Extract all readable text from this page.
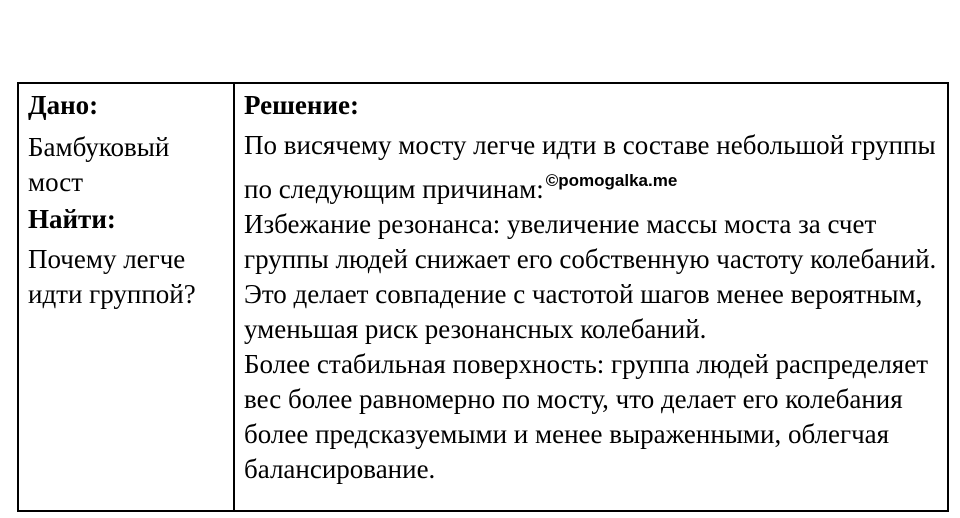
Дано:

Бамбуковый мост

Найти:

Почему легче идти группой?

Решение:

По висячему мосту легче идти в составе небольшой группы по следующим причинам: $^{©pomogalka.me}$

Избежание резонанса: увеличение массы моста за счет группы людей снижает его собственную частоту колебаний. Это делает совпадение с частотой шагов менее вероятным, уменьшая риск резонансных колебаний.

Более стабильная поверхность: группа людей распределяет вес более равномерно по мосту, что делает его колебания более предсказуемыми и менее выраженными, облегчая балансирование.
